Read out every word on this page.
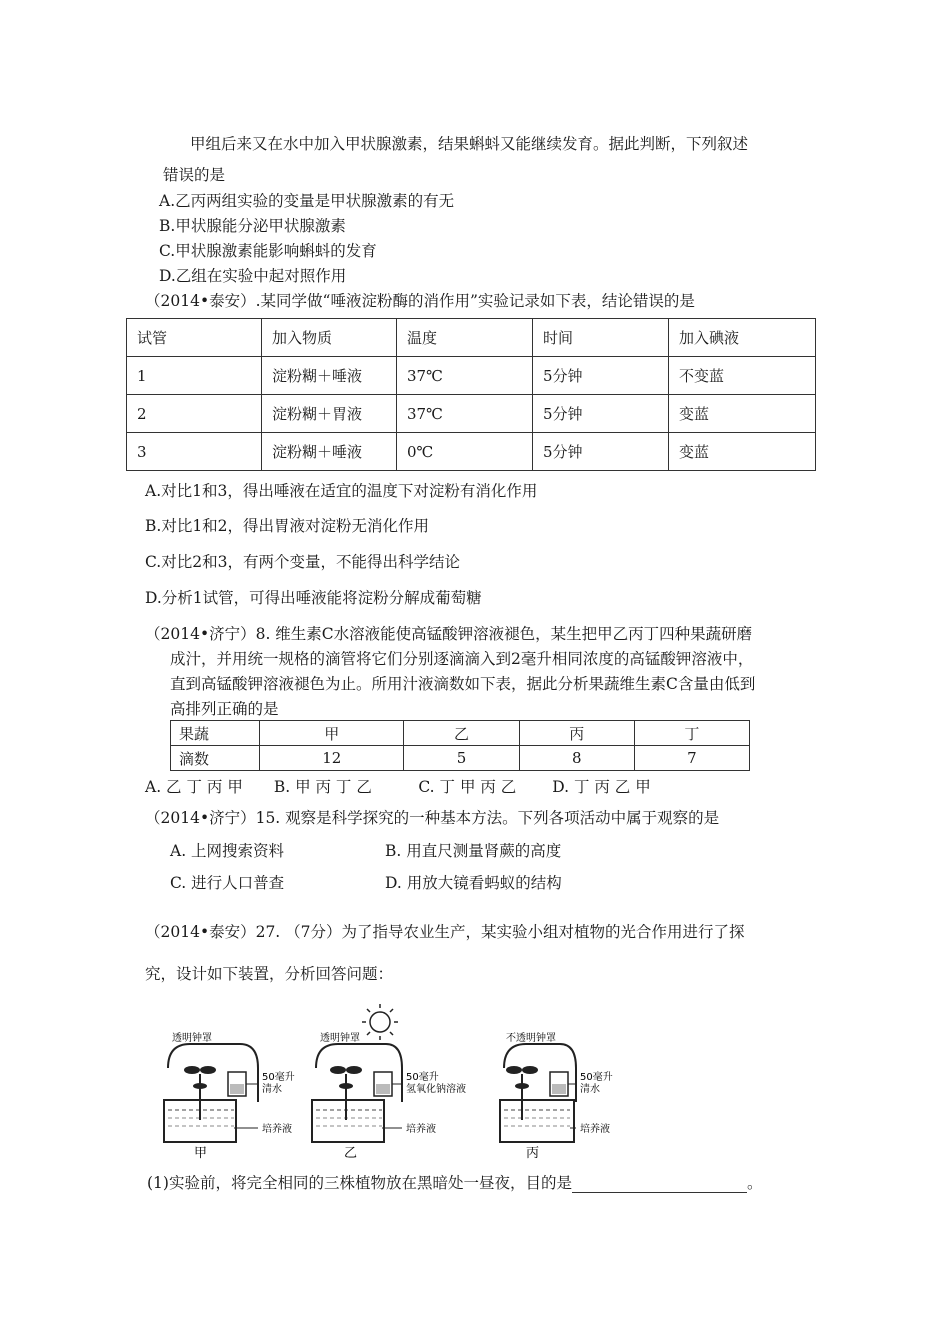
甲组后来又在水中加入甲状腺激素，结果蝌蚪又能继续发育。据此判断，下列叙述
错误的是
A.乙丙两组实验的变量是甲状腺激素的有无
B.甲状腺能分泌甲状腺激素
C.甲状腺激素能影响蝌蚪的发育
D.乙组在实验中起对照作用
（2014•泰安）.某同学做“唾液淀粉酶的消作用”实验记录如下表，结论错误的是
试管	加入物质	温度	时间	加入碘液
1	淀粉糊＋唾液	37℃	5分钟	不变蓝
2	淀粉糊＋胃液	37℃	5分钟	变蓝
3	淀粉糊＋唾液	0℃	5分钟	变蓝
A.对比1和3，得出唾液在适宜的温度下对淀粉有消化作用
B.对比1和2，得出胃液对淀粉无消化作用
C.对比2和3，有两个变量，不能得出科学结论
D.分析1试管，可得出唾液能将淀粉分解成葡萄糖
（2014•济宁）8. 维生素C水溶液能使高锰酸钾溶液褪色，某生把甲乙丙丁四种果蔬研磨
成汁，并用统一规格的滴管将它们分别逐滴滴入到2毫升相同浓度的高锰酸钾溶液中，
直到高锰酸钾溶液褪色为止。所用汁液滴数如下表，据此分析果蔬维生素C含量由低到
高排列正确的是
果蔬	甲	乙	丙	丁
滴数	12	5	8	7
A. 乙 丁 丙 甲　　B. 甲 丙 丁 乙　　　C. 丁 甲 丙 乙　　 D. 丁 丙 乙 甲
（2014•济宁）15. 观察是科学探究的一种基本方法。下列各项活动中属于观察的是
A. 上网搜索资料	B. 用直尺测量肾蕨的高度
C. 进行人口普查	D. 用放大镜看蚂蚁的结构
（2014•泰安）27. （7分）为了指导农业生产，某实验小组对植物的光合作用进行了探
究，设计如下装置，分析回答问题：
透明钟罩
50毫升
清水
培养液
甲
透明钟罩
50毫升
氢氧化钠溶液
培养液
乙
不透明钟罩
50毫升
清水
培养液
丙
(1)实验前，将完全相同的三株植物放在黑暗处一昼夜，目的是	。
